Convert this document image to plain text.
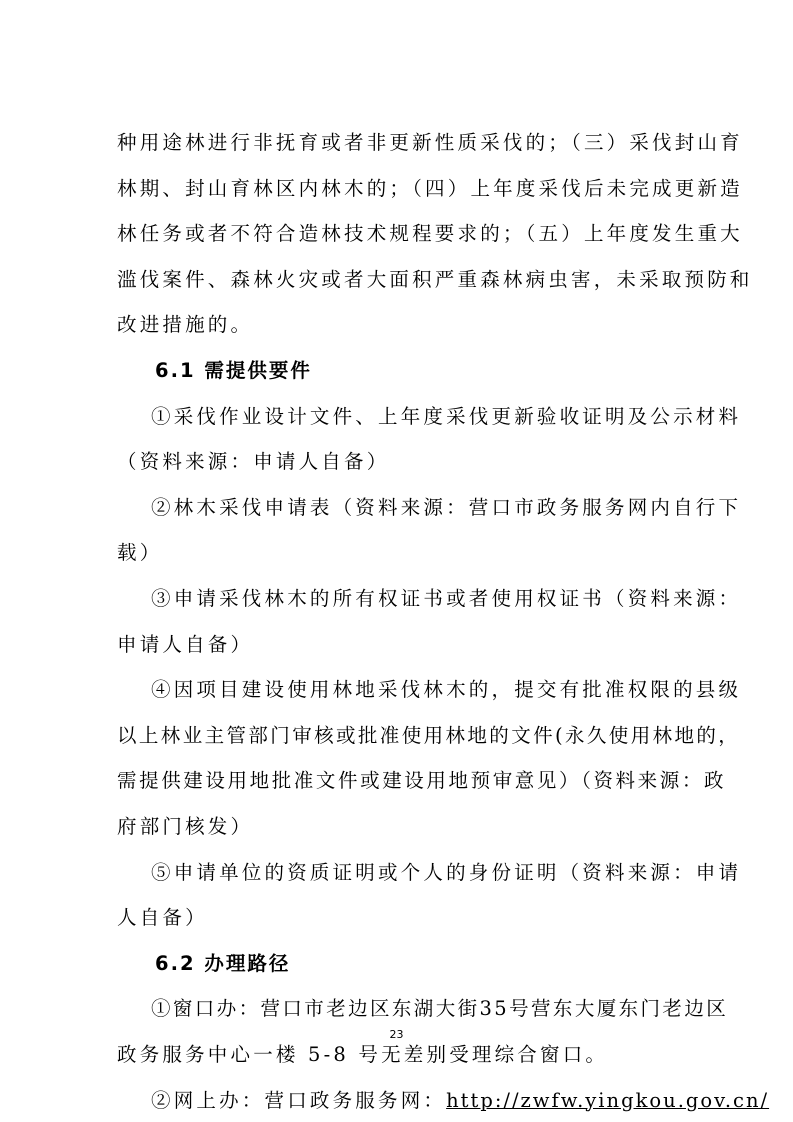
种用途林进行非抚育或者非更新性质采伐的；（三）采伐封山育
林期、封山育林区内林木的；（四）上年度采伐后未完成更新造
林任务或者不符合造林技术规程要求的；（五）上年度发生重大
滥伐案件、森林火灾或者大面积严重森林病虫害，未采取预防和
改进措施的。
6.1 需提供要件
①采伐作业设计文件、上年度采伐更新验收证明及公示材料
（资料来源：申请人自备）
②林木采伐申请表（资料来源：营口市政务服务网内自行下
载）
③申请采伐林木的所有权证书或者使用权证书（资料来源：
申请人自备）
④因项目建设使用林地采伐林木的，提交有批准权限的县级
以上林业主管部门审核或批准使用林地的文件(永久使用林地的，
需提供建设用地批准文件或建设用地预审意见）（资料来源：政
府部门核发）
⑤申请单位的资质证明或个人的身份证明（资料来源：申请
人自备）
6.2 办理路径
①窗口办：营口市老边区东湖大街35号营东大厦东门老边区
23
政务服务中心一楼 5-8 号无差别受理综合窗口。
②网上办：营口政务服务网：http://zwfw.yingkou.gov.cn/
